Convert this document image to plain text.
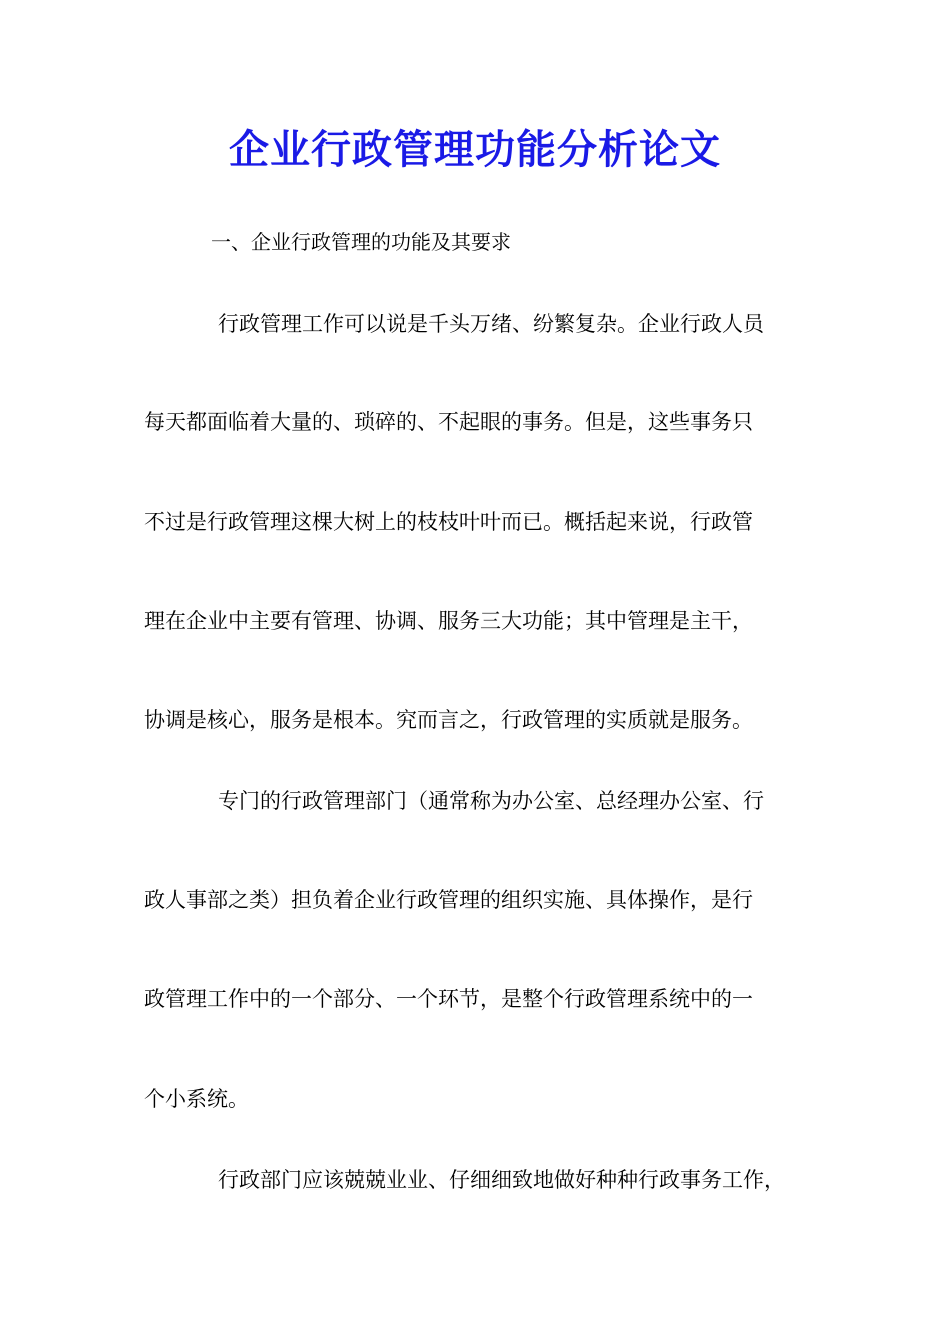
企业行政管理功能分析论文

一、企业行政管理的功能及其要求

行政管理工作可以说是千头万绪、纷繁复杂。企业行政人员

每天都面临着大量的、琐碎的、不起眼的事务。但是，这些事务只

不过是行政管理这棵大树上的枝枝叶叶而已。概括起来说，行政管

理在企业中主要有管理、协调、服务三大功能；其中管理是主干，

协调是核心，服务是根本。究而言之，行政管理的实质就是服务。

专门的行政管理部门（通常称为办公室、总经理办公室、行

政人事部之类）担负着企业行政管理的组织实施、具体操作，是行

政管理工作中的一个部分、一个环节，是整个行政管理系统中的一

个小系统。

行政部门应该兢兢业业、仔细细致地做好种种行政事务工作，
